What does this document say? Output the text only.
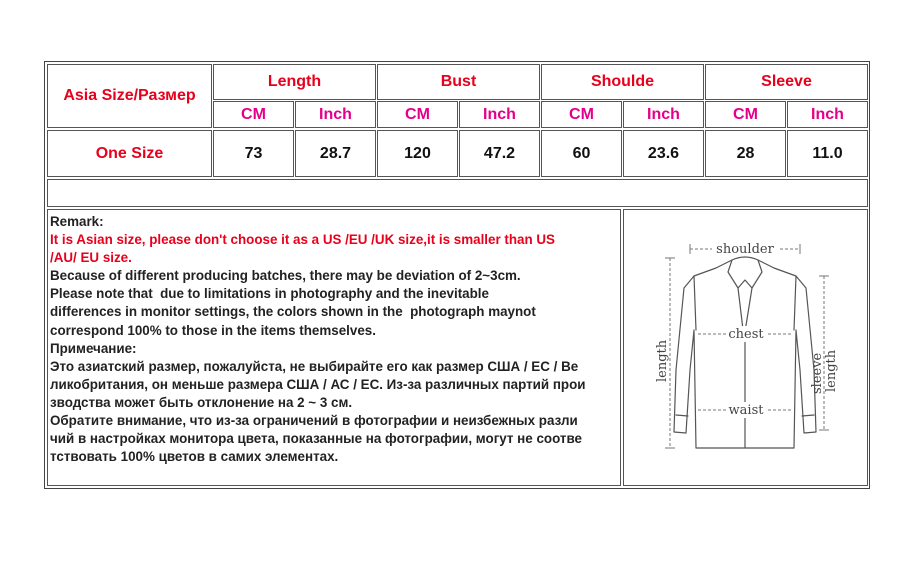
Asia Size/Размер
Length	Bust	Shoulde	Sleeve
CM	Inch	CM	Inch	CM	Inch	CM	Inch
One Size	73	28.7	120	47.2	60	23.6	28	11.0
Remark:
It is Asian size, please don't choose it as a US /EU /UK size,it is smaller than US
/AU/ EU size.
Because of different producing batches, there may be deviation of 2~3cm.
Please note that  due to limitations in photography and the inevitable
differences in monitor settings, the colors shown in the  photograph maynot
correspond 100% to those in the items themselves.
Примечание:
Это азиатский размер, пожалуйста, не выбирайте его как размер США / ЕС / Ве
ликобритания, он меньше размера США / АС / ЕС. Из-за различных партий прои
зводства может быть отклонение на 2 ~ 3 см.
Обратите внимание, что из-за ограничений в фотографии и неизбежных разли
чий в настройках монитора цвета, показанные на фотографии, могут не соотве
тствовать 100% цветов в самих элементах.
shoulder
chest
waist
length	sleeve length
